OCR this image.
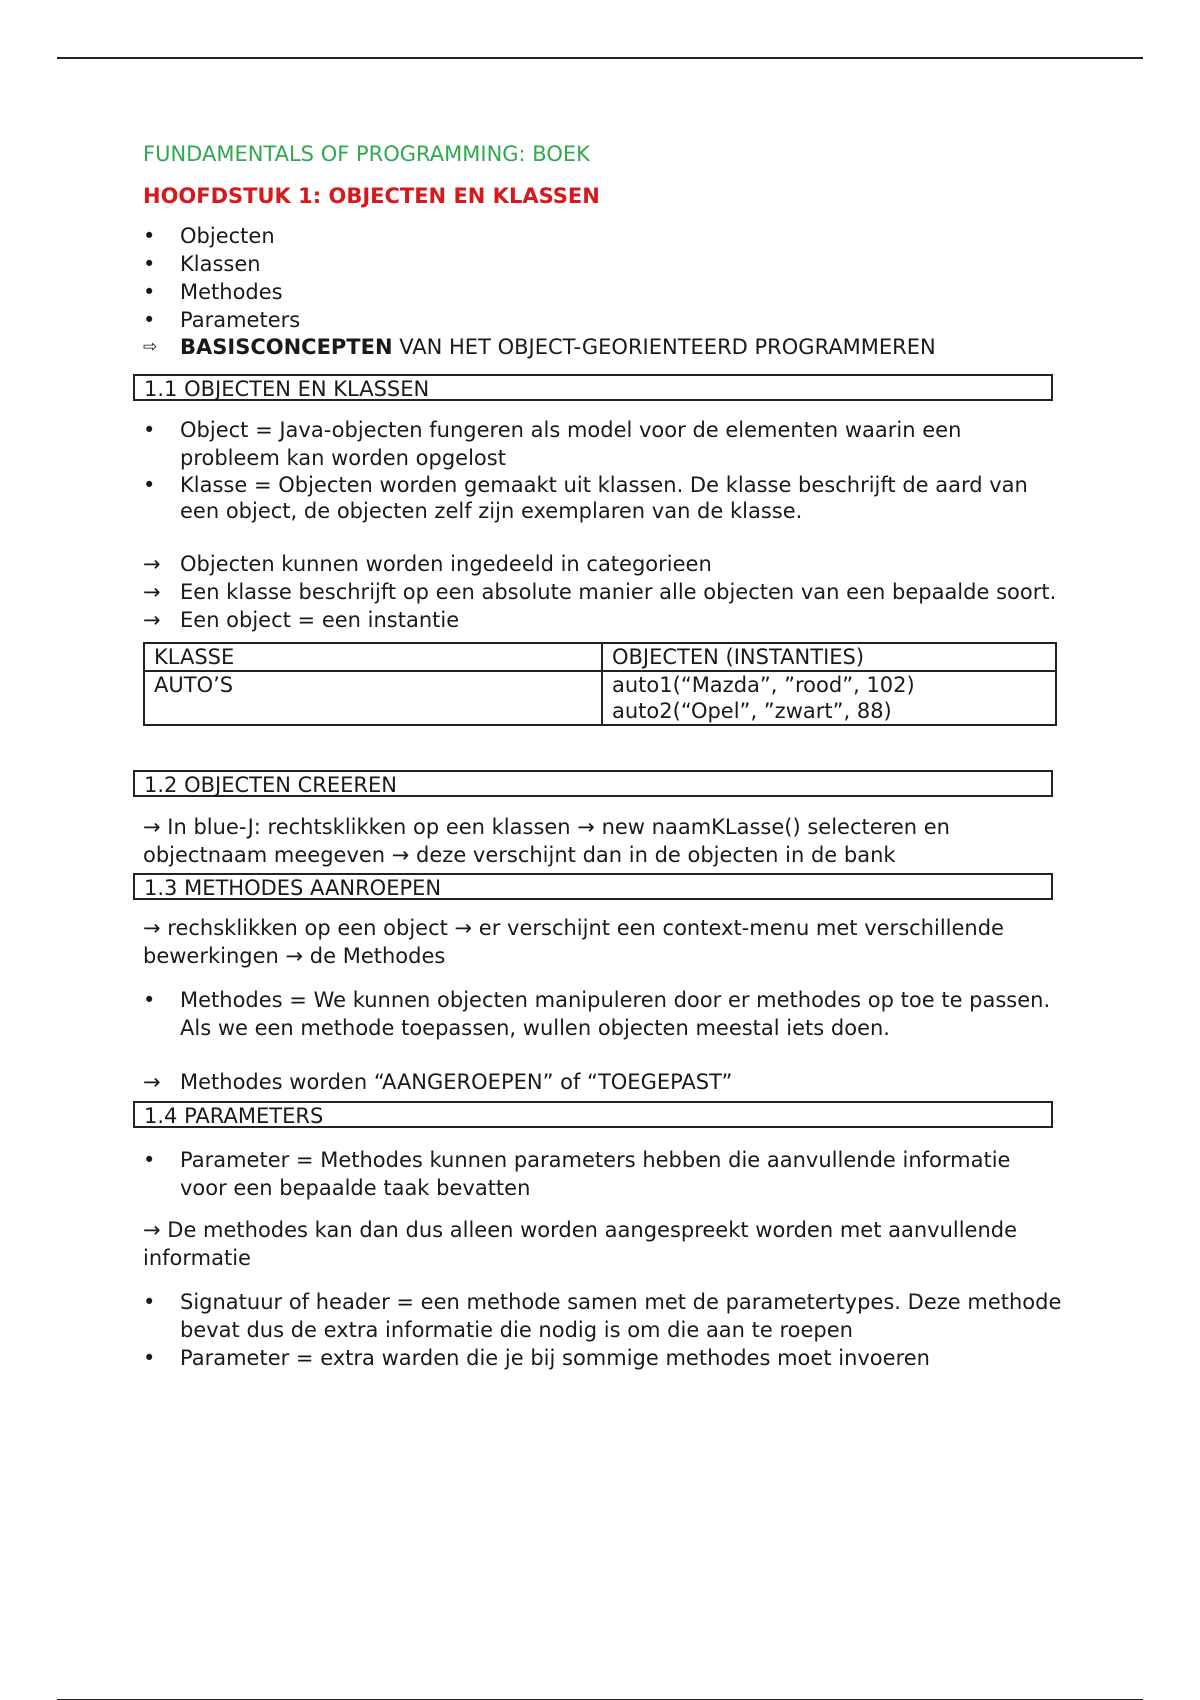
FUNDAMENTALS OF PROGRAMMING: BOEK
HOOFDSTUK 1: OBJECTEN EN KLASSEN
•	Objecten
•	Klassen
•	Methodes
•	Parameters
⇨	BASISCONCEPTEN VAN HET OBJECT-GEORIENTEERD PROGRAMMEREN
1.1 OBJECTEN EN KLASSEN
•	Object = Java-objecten fungeren als model voor de elementen waarin een probleem kan worden opgelost
•	Klasse = Objecten worden gemaakt uit klassen. De klasse beschrijft de aard van een object, de objecten zelf zijn exemplaren van de klasse.
→ Objecten kunnen worden ingedeeld in categorieen
→ Een klasse beschrijft op een absolute manier alle objecten van een bepaalde soort.
→ Een object = een instantie
KLASSE	OBJECTEN (INSTANTIES)
AUTO’S	auto1(“Mazda”, ”rood”, 102)
auto2(“Opel”, ”zwart”, 88)
1.2 OBJECTEN CREEREN

→ In blue-J: rechtsklikken op een klassen → new naamKLasse() selecteren en objectnaam meegeven → deze verschijnt dan in de objecten in de bank

1.3 METHODES AANROEPEN

→ rechsklikken op een object → er verschijnt een context-menu met verschillende bewerkingen → de Methodes

•	Methodes = We kunnen objecten manipuleren door er methodes op toe te passen. Als we een methode toepassen, wullen objecten meestal iets doen.
→ Methodes worden “AANGEROEPEN” of “TOEGEPAST”
1.4 PARAMETERS
•	Parameter = Methodes kunnen parameters hebben die aanvullende informatie voor een bepaalde taak bevatten

→ De methodes kan dan dus alleen worden aangespreekt worden met aanvullende informatie

•	Signatuur of header = een methode samen met de parametertypes. Deze methode bevat dus de extra informatie die nodig is om die aan te roepen
•	Parameter = extra warden die je bij sommige methodes moet invoeren
